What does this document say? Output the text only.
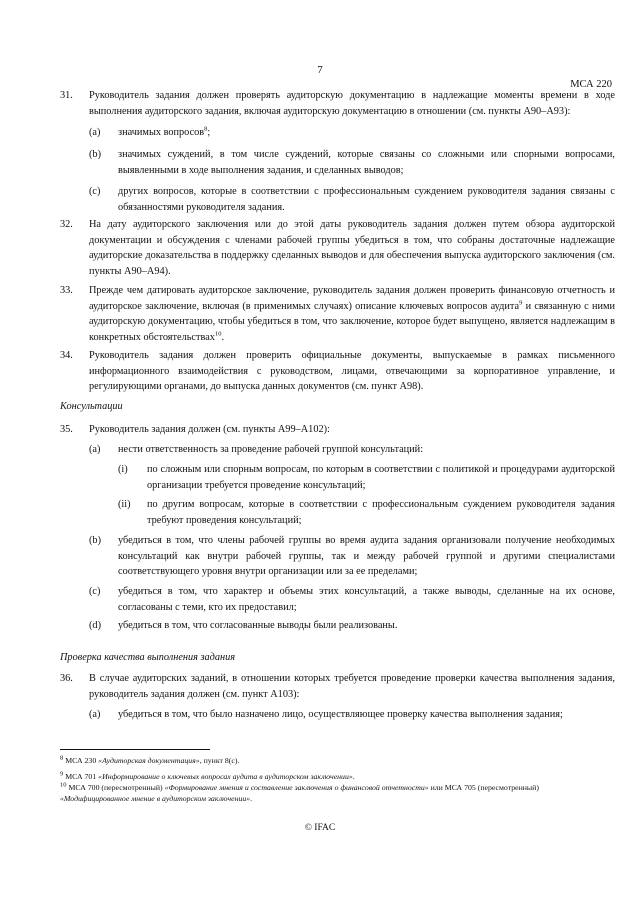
7
МСА 220
31.	Руководитель задания должен проверять аудиторскую документацию в надлежащие моменты времени в ходе выполнения аудиторского задания, включая аудиторскую документацию в отношении (см. пункты А90–А93):
(a) значимых вопросов$^8$;
(b) значимых суждений, в том числе суждений, которые связаны со сложными или спорными вопросами, выявленными в ходе выполнения задания, и сделанных выводов;
(c) других вопросов, которые в соответствии с профессиональным суждением руководителя задания связаны с обязанностями руководителя задания.
32.	На дату аудиторского заключения или до этой даты руководитель задания должен путем обзора аудиторской документации и обсуждения с членами рабочей группы убедиться в том, что собраны достаточные надлежащие аудиторские доказательства в поддержку сделанных выводов и для обеспечения выпуска аудиторского заключения (см. пункты А90–А94).
33.	Прежде чем датировать аудиторское заключение, руководитель задания должен проверить финансовую отчетность и аудиторское заключение, включая (в применимых случаях) описание ключевых вопросов аудита$^9$ и связанную с ними аудиторскую документацию, чтобы убедиться в том, что заключение, которое будет выпущено, является надлежащим в конкретных обстоятельствах$^{10}$.
34.	Руководитель задания должен проверить официальные документы, выпускаемые в рамках письменного информационного взаимодействия с руководством, лицами, отвечающими за корпоративное управление, и регулирующими органами, до выпуска данных документов (см. пункт А98).
Консультации
35.	Руководитель задания должен (см. пункты А99–А102):
(a) нести ответственность за проведение рабочей группой консультаций:
(i) по сложным или спорным вопросам, по которым в соответствии с политикой и процедурами аудиторской организации требуется проведение консультаций;
(ii) по другим вопросам, которые в соответствии с профессиональным суждением руководителя задания требуют проведения консультаций;
(b) убедиться в том, что члены рабочей группы во время аудита задания организовали получение необходимых консультаций как внутри рабочей группы, так и между рабочей группой и другими специалистами соответствующего уровня внутри организации или за ее пределами;
(c) убедиться в том, что характер и объемы этих консультаций, а также выводы, сделанные на их основе, согласованы с теми, кто их предоставил;
(d) убедиться в том, что согласованные выводы были реализованы.
Проверка качества выполнения задания
36.	В случае аудиторских заданий, в отношении которых требуется проведение проверки качества выполнения задания, руководитель задания должен (см. пункт А103):
(a) убедиться в том, что было назначено лицо, осуществляющее проверку качества выполнения задания;
$^8$ МСА 230 «Аудиторская документация», пункт 8(c).
$^9$ МСА 701 «Информирование о ключевых вопросах аудита в аудиторском заключении».
$^{10}$ МСА 700 (пересмотренный) «Формирование мнения и составление заключения о финансовой отчетности» или МСА 705 (пересмотренный)
«Модифицированное мнение в аудиторском заключении».
© IFAC
